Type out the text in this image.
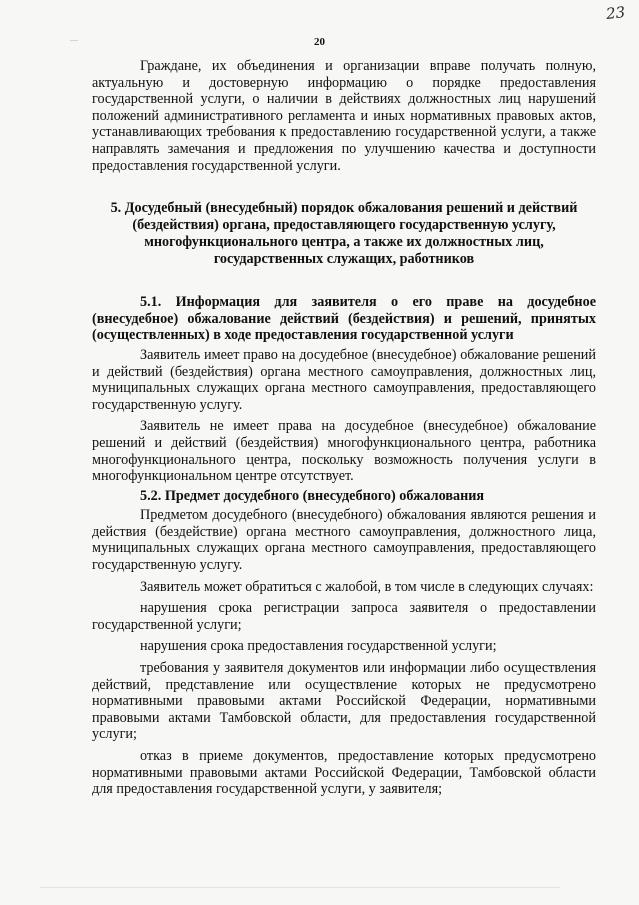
23
20

Граждане, их объединения и организации вправе получать полную, актуальную и достоверную информацию о порядке предоставления государственной услуги, о наличии в действиях должностных лиц нарушений положений административного регламента и иных нормативных правовых актов, устанавливающих требования к предоставлению государственной услуги, а также направлять замечания и предложения по улучшению качества и доступности предоставления государственной услуги.

5. Досудебный (внесудебный) порядок обжалования решений и действий (бездействия) органа, предоставляющего государственную услугу, многофункционального центра, а также их должностных лиц, государственных служащих, работников

5.1. Информация для заявителя о его праве на досудебное (внесудебное) обжалование действий (бездействия) и решений, принятых (осуществленных) в ходе предоставления государственной услуги

Заявитель имеет право на досудебное (внесудебное) обжалование решений и действий (бездействия) органа местного самоуправления, должностных лиц, муниципальных служащих органа местного самоуправления, предоставляющего государственную услугу.

Заявитель не имеет права на досудебное (внесудебное) обжалование решений и действий (бездействия) многофункционального центра, работника многофункционального центра, поскольку возможность получения услуги в многофункциональном центре отсутствует.

5.2. Предмет досудебного (внесудебного) обжалования

Предметом досудебного (внесудебного) обжалования являются решения и действия (бездействие) органа местного самоуправления, должностного лица, муниципальных служащих органа местного самоуправления, предоставляющего государственную услугу.

Заявитель может обратиться с жалобой, в том числе в следующих случаях:

нарушения срока регистрации запроса заявителя о предоставлении государственной услуги;

нарушения срока предоставления государственной услуги;

требования у заявителя документов или информации либо осуществления действий, представление или осуществление которых не предусмотрено нормативными правовыми актами Российской Федерации, нормативными правовыми актами Тамбовской области, для предоставления государственной услуги;

отказ в приеме документов, предоставление которых предусмотрено нормативными правовыми актами Российской Федерации, Тамбовской области для предоставления государственной услуги, у заявителя;
